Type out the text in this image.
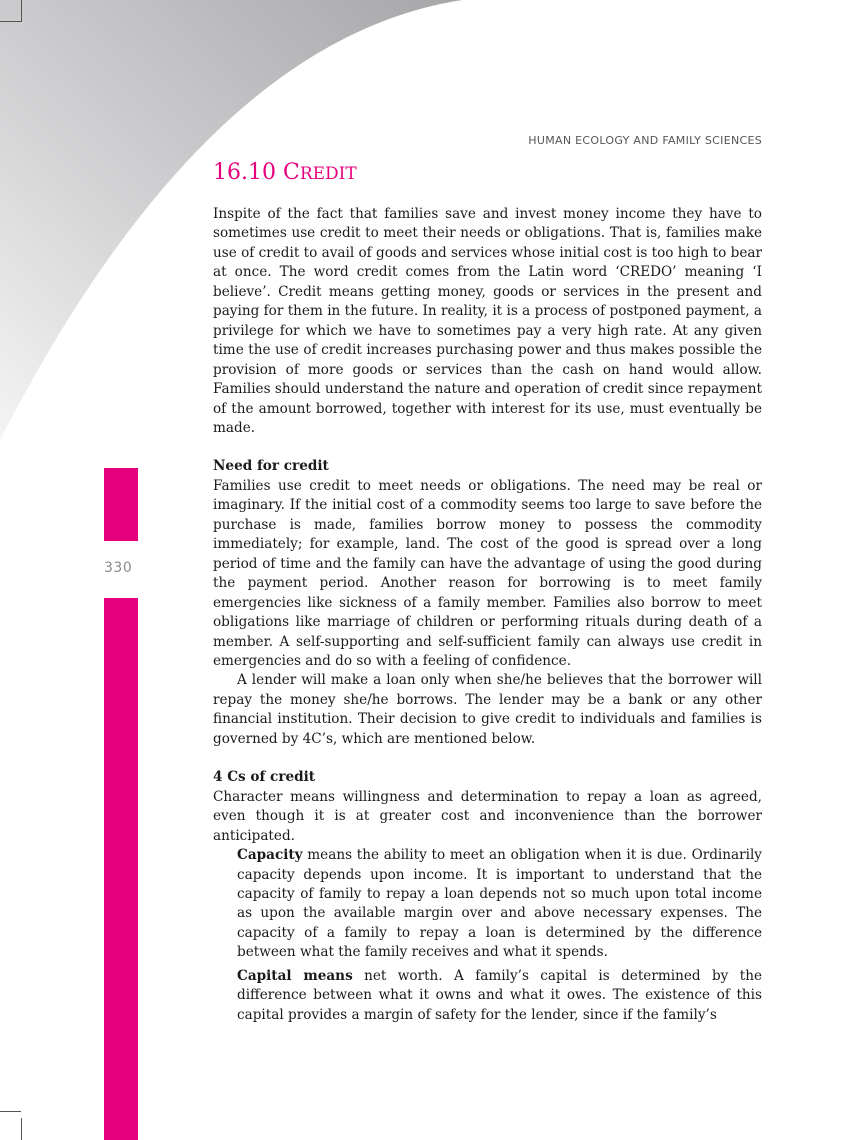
330
HUMAN ECOLOGY AND FAMILY SCIENCES
16.10 CREDIT

Inspite of the fact that families save and invest money income they have to sometimes use credit to meet their needs or obligations. That is, families make use of credit to avail of goods and services whose initial cost is too high to bear at once. The word credit comes from the Latin word ‘CREDO’ meaning ‘I believe’. Credit means getting money, goods or services in the present and paying for them in the future. In reality, it is a process of postponed payment, a privilege for which we have to sometimes pay a very high rate. At any given time the use of credit increases purchasing power and thus makes possible the provision of more goods or services than the cash on hand would allow. Families should understand the nature and operation of credit since repayment of the amount borrowed, together with interest for its use, must eventually be made.

Need for credit

Families use credit to meet needs or obligations. The need may be real or imaginary. If the initial cost of a commodity seems too large to save before the purchase is made, families borrow money to possess the commodity immediately; for example, land. The cost of the good is spread over a long period of time and the family can have the advantage of using the good during the payment period. Another reason for borrowing is to meet family emergencies like sickness of a family member. Families also borrow to meet obligations like marriage of children or performing rituals during death of a member. A self-supporting and self-sufficient family can always use credit in emergencies and do so with a feeling of confidence.

A lender will make a loan only when she/he believes that the borrower will repay the money she/he borrows. The lender may be a bank or any other financial institution. Their decision to give credit to individuals and families is governed by 4C’s, which are mentioned below.

4 Cs of credit

Character means willingness and determination to repay a loan as agreed, even though it is at greater cost and inconvenience than the borrower anticipated.

Capacity means the ability to meet an obligation when it is due. Ordinarily capacity depends upon income. It is important to understand that the capacity of family to repay a loan depends not so much upon total income as upon the available margin over and above necessary expenses. The capacity of a family to repay a loan is determined by the difference between what the family receives and what it spends.

Capital means net worth. A family’s capital is determined by the difference between what it owns and what it owes. The existence of this capital provides a margin of safety for the lender, since if the family’s
